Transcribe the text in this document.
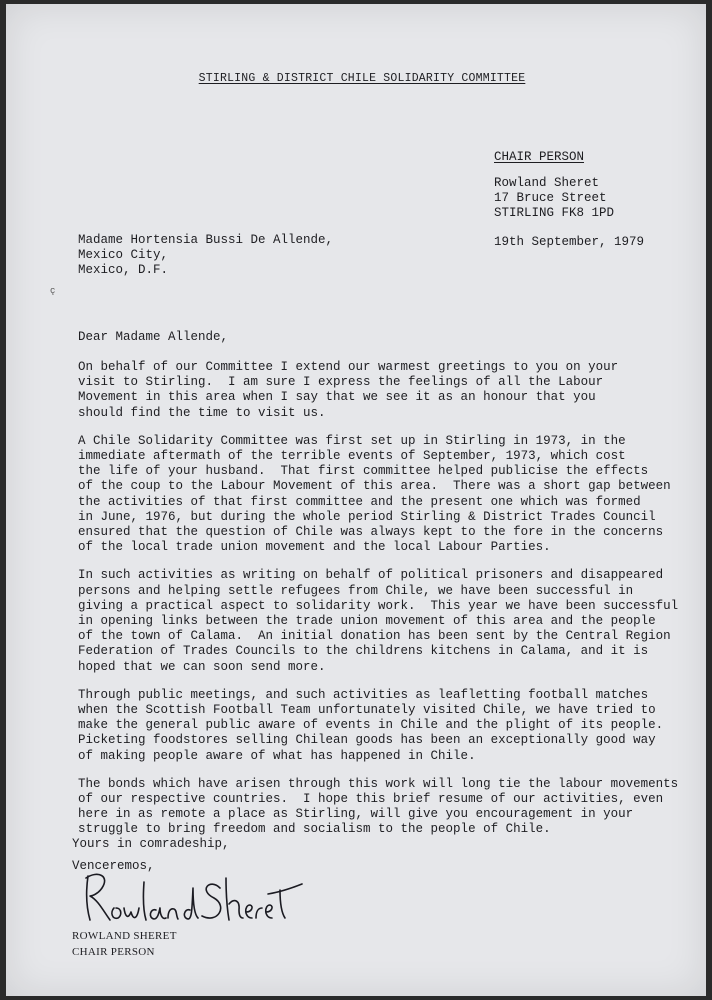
STIRLING & DISTRICT CHILE SOLIDARITY COMMITTEE
CHAIR PERSON
Rowland Sheret
17 Bruce Street
STIRLING FK8 1PD
19th September, 1979
Madame Hortensia Bussi De Allende,
Mexico City,
Mexico, D.F.
ç
Dear Madame Allende,

On behalf of our Committee I extend our warmest greetings to you on your
visit to Stirling.  I am sure I express the feelings of all the Labour
Movement in this area when I say that we see it as an honour that you
should find the time to visit us.

A Chile Solidarity Committee was first set up in Stirling in 1973, in the
immediate aftermath of the terrible events of September, 1973, which cost
the life of your husband.  That first committee helped publicise the effects
of the coup to the Labour Movement of this area.  There was a short gap between
the activities of that first committee and the present one which was formed
in June, 1976, but during the whole period Stirling & District Trades Council
ensured that the question of Chile was always kept to the fore in the concerns
of the local trade union movement and the local Labour Parties.

In such activities as writing on behalf of political prisoners and disappeared
persons and helping settle refugees from Chile, we have been successful in
giving a practical aspect to solidarity work.  This year we have been successful
in opening links between the trade union movement of this area and the people
of the town of Calama.  An initial donation has been sent by the Central Region
Federation of Trades Councils to the childrens kitchens in Calama, and it is
hoped that we can soon send more.

Through public meetings, and such activities as leafletting football matches
when the Scottish Football Team unfortunately visited Chile, we have tried to
make the general public aware of events in Chile and the plight of its people.
Picketing foodstores selling Chilean goods has been an exceptionally good way
of making people aware of what has happened in Chile.

The bonds which have arisen through this work will long tie the labour movements
of our respective countries.  I hope this brief resume of our activities, even
here in as remote a place as Stirling, will give you encouragement in your
struggle to bring freedom and socialism to the people of Chile.

Yours in comradeship,
Venceremos,
ROWLAND SHERET
CHAIR PERSON
